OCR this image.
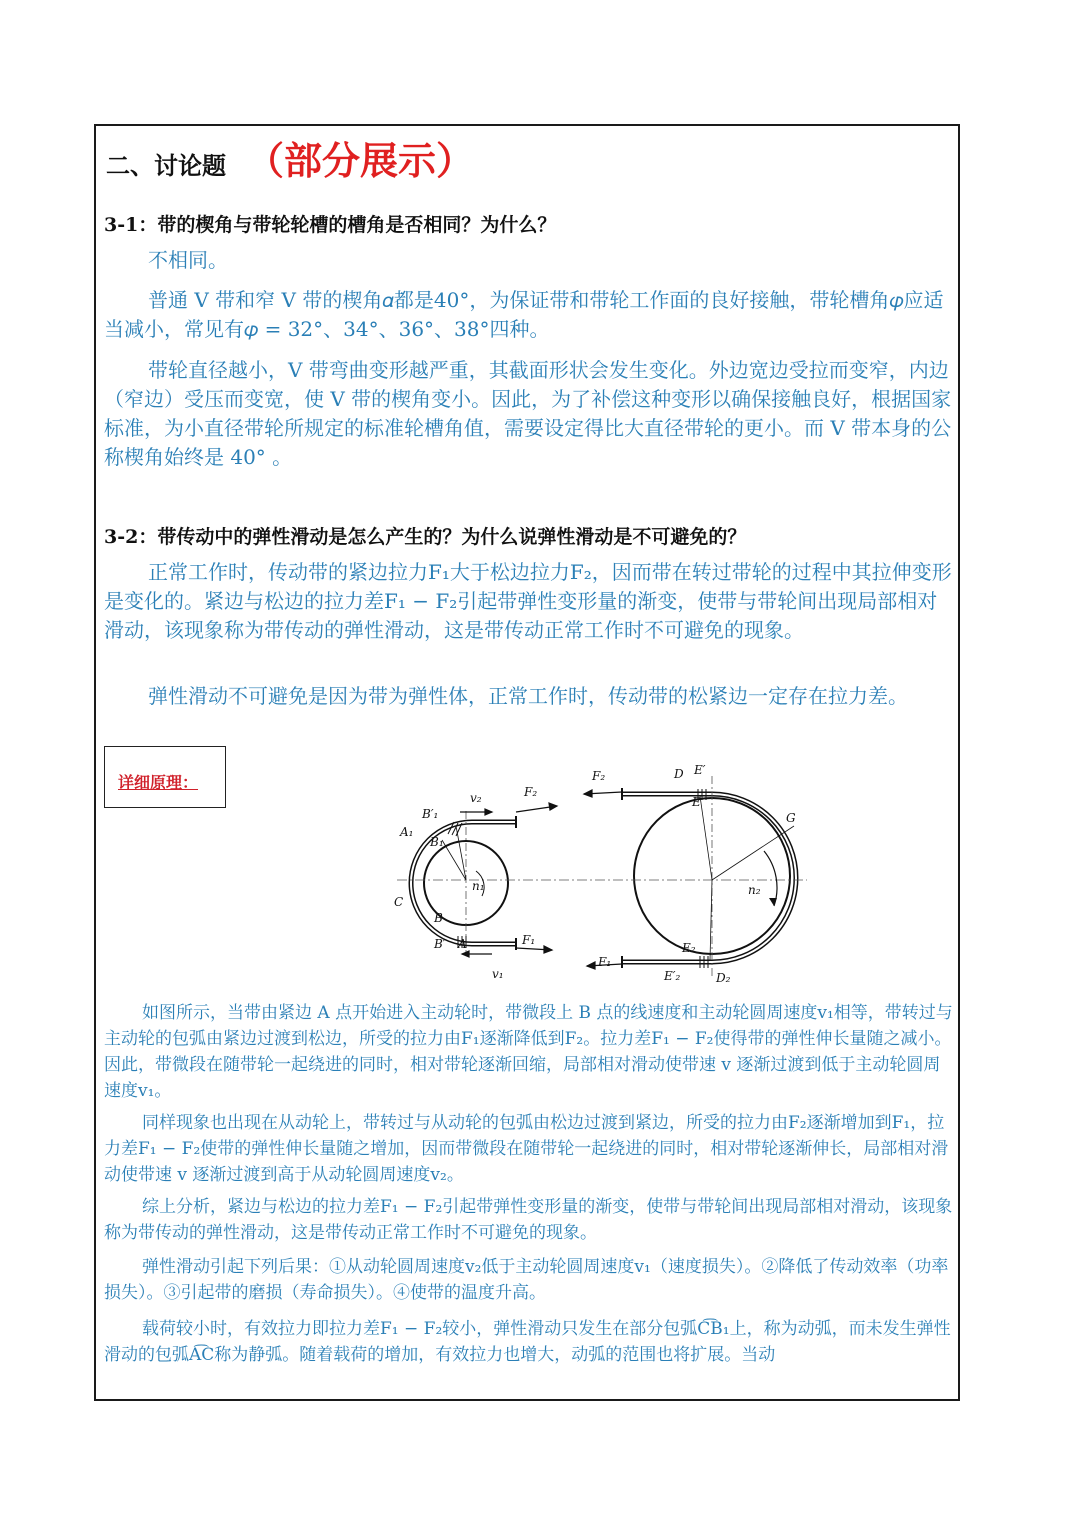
二、讨论题 （部分展示）
3-1：带的楔角与带轮轮槽的槽角是否相同？为什么？
不相同。
普通 V 带和窄 V 带的楔角𝛼都是40°，为保证带和带轮工作面的良好接触，带轮槽角𝜑应适当减小，常见有𝜑 = 32°、34°、36°、38°四种。
带轮直径越小，V 带弯曲变形越严重，其截面形状会发生变化。外边宽边受拉而变窄，内边（窄边）受压而变宽，使 V 带的楔角变小。因此，为了补偿这种变形以确保接触良好，根据国家标准，为小直径带轮所规定的标准轮槽角值，需要设定得比大直径带轮的更小。而 V 带本身的公称楔角始终是 40° 。
3-2：带传动中的弹性滑动是怎么产生的？为什么说弹性滑动是不可避免的？
正常工作时，传动带的紧边拉力F₁大于松边拉力F₂，因而带在转过带轮的过程中其拉伸变形是变化的。紧边与松边的拉力差F₁ − F₂引起带弹性变形量的渐变，使带与带轮间出现局部相对滑动，该现象称为带传动的弹性滑动，这是带传动正常工作时不可避免的现象。
弹性滑动不可避免是因为带为弹性体，正常工作时，传动带的松紧边一定存在拉力差。
详细原理：
v₂	F₂
B′₁
A₁
B₁
n₁
C
B
B′ A	F₁
v₁
F₂	D E′
E
G
n₂
E₂
F₁
E′₂	D₂
如图所示，当带由紧边 A 点开始进入主动轮时，带微段上 B 点的线速度和主动轮圆周速度v₁相等，带转过与主动轮的包弧由紧边过渡到松边，所受的拉力由F₁逐渐降低到F₂。拉力差F₁ − F₂使得带的弹性伸长量随之减小。因此，带微段在随带轮一起绕进的同时，相对带轮逐渐回缩，局部相对滑动使带速 v 逐渐过渡到低于主动轮圆周速度v₁。
同样现象也出现在从动轮上，带转过与从动轮的包弧由松边过渡到紧边，所受的拉力由F₂逐渐增加到F₁，拉力差F₁ − F₂使带的弹性伸长量随之增加，因而带微段在随带轮一起绕进的同时，相对带轮逐渐伸长，局部相对滑动使带速 v 逐渐过渡到高于从动轮圆周速度v₂。
综上分析，紧边与松边的拉力差F₁ − F₂引起带弹性变形量的渐变，使带与带轮间出现局部相对滑动，该现象称为带传动的弹性滑动，这是带传动正常工作时不可避免的现象。
弹性滑动引起下列后果：①从动轮圆周速度v₂低于主动轮圆周速度v₁（速度损失）。②降低了传动效率（功率损失）。③引起带的磨损（寿命损失）。④使带的温度升高。
载荷较小时，有效拉力即拉力差F₁ − F₂较小，弹性滑动只发生在部分包弧C͡B₁上，称为动弧，而未发生弹性滑动的包弧A͡C称为静弧。随着载荷的增加，有效拉力也增大，动弧的范围也将扩展。当动
